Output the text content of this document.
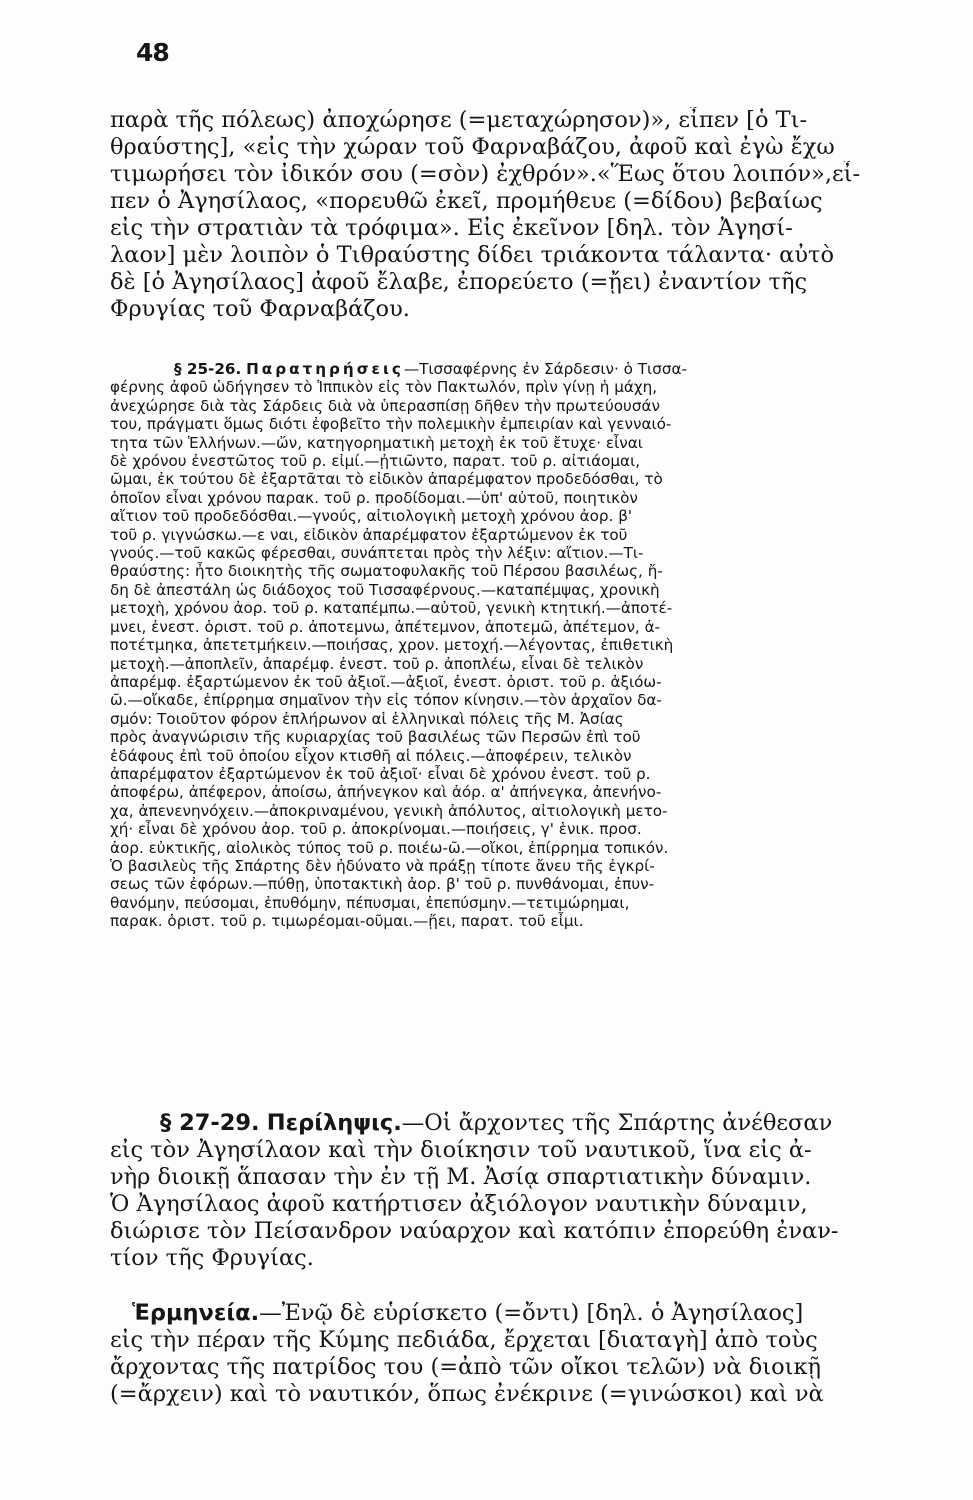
48
παρὰ τῆς πόλεως) ἀποχώρησε (=μεταχώρησον)», εἶπεν [ὁ Τι-
θραύστης], «εἰς τὴν χώραν τοῦ Φαρναβάζου, ἀφοῦ καὶ ἐγὼ ἔχω
τιμωρήσει τὸν ἰδικόν σου (=σὸν) ἐχθρόν».«Ἕως ὅτου λοιπόν»,εἶ-
πεν ὁ Ἀγησίλαος, «πορευθῶ ἐκεῖ, προμήθευε (=δίδου) βεβαίως
εἰς τὴν στρατιὰν τὰ τρόφιμα». Εἰς ἐκεῖνον [δηλ. τὸν Ἀγησί-
λαον] μὲν λοιπὸν ὁ Τιθραύστης δίδει τριάκοντα τάλαντα· αὐτὸ
δὲ [ὁ Ἀγησίλαος] ἀφοῦ ἔλαβε, ἐπορεύετο (=ᾔει) ἐναντίον τῆς
Φρυγίας τοῦ Φαρναβάζου.
§ 25-26. Παρατηρήσεις—Τισσαφέρνης ἐν Σάρδεσιν· ὁ Τισσα-
φέρνης ἀφοῦ ὡδήγησεν τὸ Ἱππικὸν εἰς τὸν Πακτωλόν, πρὶν γίνῃ ἡ μάχη,
ἀνεχώρησε διὰ τὰς Σάρδεις διὰ νὰ ὑπερασπίσῃ δῆθεν τὴν πρωτεύουσάν
του, πράγματι ὅμως διότι ἐφοβεῖτο τὴν πολεμικὴν ἐμπειρίαν καὶ γενναιό-
τητα τῶν Ἑλλήνων.—ὤν, κατηγορηματικὴ μετοχὴ ἐκ τοῦ ἔτυχε· εἶναι
δὲ χρόνου ἐνεστῶτος τοῦ ρ. εἰμί.—ᾐτιῶντο, παρατ. τοῦ ρ. αἰτιάομαι,
ῶμαι, ἐκ τούτου δὲ ἐξαρτᾶται τὸ εἰδικὸν ἀπαρέμφατον προδεδόσθαι, τὸ
ὁποῖον εἶναι χρόνου παρακ. τοῦ ρ. προδίδομαι.—ὑπ' αὐτοῦ, ποιητικὸν
αἴτιον τοῦ προδεδόσθαι.—γνούς, αἰτιολογικὴ μετοχὴ χρόνου ἀορ. β'
τοῦ ρ. γιγνώσκω.—ε ναι, εἰδικὸν ἀπαρέμφατον ἐξαρτώμενον ἐκ τοῦ
γνούς.—τοῦ κακῶς φέρεσθαι, συνάπτεται πρὸς τὴν λέξιν: αἴτιον.—Τι-
θραύστης: ἦτο διοικητὴς τῆς σωματοφυλακῆς τοῦ Πέρσου βασιλέως, ἤ-
δη δὲ ἀπεστάλη ὡς διάδοχος τοῦ Τισσαφέρνους.—καταπέμψας, χρονικὴ
μετοχὴ, χρόνου ἀορ. τοῦ ρ. καταπέμπω.—αὐτοῦ, γενικὴ κτητική.—ἀποτέ-
μνει, ἐνεστ. ὁριστ. τοῦ ρ. ἀποτεμνω, ἀπέτεμνον, ἀποτεμῶ, ἀπέτεμον, ἀ-
ποτέτμηκα, ἀπετετμήκειν.—ποιήσας, χρον. μετοχή.—λέγοντας, ἐπιθετικὴ
μετοχὴ.—ἀποπλεῖν, ἀπαρέμφ. ἐνεστ. τοῦ ρ. ἀποπλέω, εἶναι δὲ τελικὸν
ἀπαρέμφ. ἐξαρτώμενον ἐκ τοῦ ἀξιοῖ.—ἀξιοῖ, ἐνεστ. ὁριστ. τοῦ ρ. ἀξιόω-
ῶ.—οἴκαδε, ἐπίρρημα σημαῖνον τὴν εἰς τόπον κίνησιν.—τὸν ἀρχαῖον δα-
σμόν: Τοιοῦτον φόρον ἐπλήρωνον αἱ ἑλληνικαὶ πόλεις τῆς Μ. Ἀσίας
πρὸς ἀναγνώρισιν τῆς κυριαρχίας τοῦ βασιλέως τῶν Περσῶν ἐπὶ τοῦ
ἐδάφους ἐπὶ τοῦ ὁποίου εἶχον κτισθῆ αἱ πόλεις.—ἀποφέρειν, τελικὸν
ἀπαρέμφατον ἐξαρτώμενον ἐκ τοῦ ἀξιοῖ· εἶναι δὲ χρόνου ἐνεστ. τοῦ ρ.
ἀποφέρω, ἀπέφερον, ἀποίσω, ἀπήνεγκον καὶ ἀόρ. α' ἀπήνεγκα, ἀπενήνο-
χα, ἀπενενηνόχειν.—ἀποκριναμένου, γενικὴ ἀπόλυτος, αἰτιολογικὴ μετο-
χή· εἶναι δὲ χρόνου ἀορ. τοῦ ρ. ἀποκρίνομαι.—ποιήσεις, γ' ἑνικ. προσ.
ἀορ. εὐκτικῆς, αἰολικὸς τύπος τοῦ ρ. ποιέω-ῶ.—οἴκοι, ἐπίρρημα τοπικόν.
Ὁ βασιλεὺς τῆς Σπάρτης δὲν ἠδύνατο νὰ πράξῃ τίποτε ἄνευ τῆς ἐγκρί-
σεως τῶν ἐφόρων.—πύθῃ, ὑποτακτικὴ ἀορ. β' τοῦ ρ. πυνθάνομαι, ἐπυν-
θανόμην, πεύσομαι, ἐπυθόμην, πέπυσμαι, ἐπεπύσμην.—τετιμώρημαι,
παρακ. ὁριστ. τοῦ ρ. τιμωρέομαι-οῦμαι.—ᾔει, παρατ. τοῦ εἶμι.
§ 27-29. Περίληψις.—Οἱ ἄρχοντες τῆς Σπάρτης ἀνέθεσαν
εἰς τὸν Ἀγησίλαον καὶ τὴν διοίκησιν τοῦ ναυτικοῦ, ἵνα εἰς ἀ-
νὴρ διοικῇ ἅπασαν τὴν ἐν τῇ Μ. Ἀσίᾳ σπαρτιατικὴν δύναμιν.
Ὁ Ἀγησίλαος ἀφοῦ κατήρτισεν ἀξιόλογον ναυτικὴν δύναμιν,
διώρισε τὸν Πείσανδρον ναύαρχον καὶ κατόπιν ἐπορεύθη ἐναν-
τίον τῆς Φρυγίας.
Ἑρμηνεία.—Ἐνῷ δὲ εὑρίσκετο (=ὄντι) [δηλ. ὁ Ἀγησίλαος]
εἰς τὴν πέραν τῆς Κύμης πεδιάδα, ἔρχεται [διαταγὴ] ἀπὸ τοὺς
ἄρχοντας τῆς πατρίδος του (=ἀπὸ τῶν οἴκοι τελῶν) νὰ διοικῇ
(=ἄρχειν) καὶ τὸ ναυτικόν, ὅπως ἐνέκρινε (=γινώσκοι) καὶ νὰ
